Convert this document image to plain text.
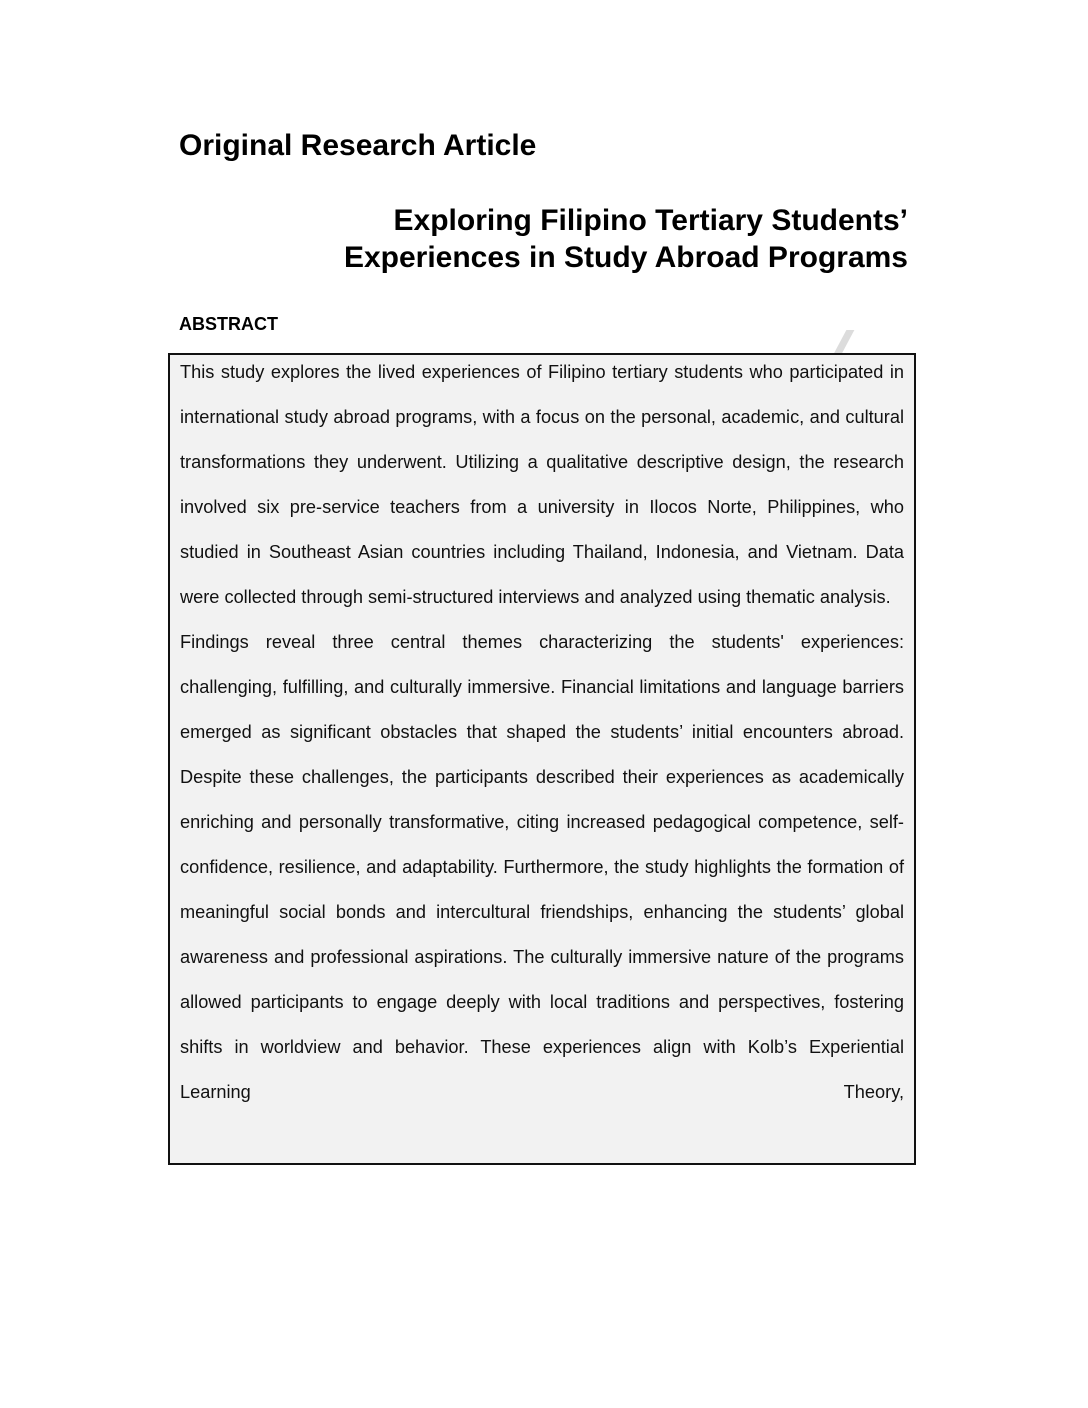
Original Research Article
Exploring Filipino Tertiary Students’
Experiences in Study Abroad Programs
ABSTRACT

This study explores the lived experiences of Filipino tertiary students who participated in international study abroad programs, with a focus on the personal, academic, and cultural transformations they underwent. Utilizing a qualitative descriptive design, the research involved six pre-service teachers from a university in Ilocos Norte, Philippines, who studied in Southeast Asian countries including Thailand, Indonesia, and Vietnam. Data were collected through semi-structured interviews and analyzed using thematic analysis.

Findings reveal three central themes characterizing the students' experiences: challenging, fulfilling, and culturally immersive. Financial limitations and language barriers emerged as significant obstacles that shaped the students’ initial encounters abroad. Despite these challenges, the participants described their experiences as academically enriching and personally transformative, citing increased pedagogical competence, self-confidence, resilience, and adaptability. Furthermore, the study highlights the formation of meaningful social bonds and intercultural friendships, enhancing the students’ global awareness and professional aspirations. The culturally immersive nature of the programs allowed participants to engage deeply with local traditions and perspectives, fostering shifts in worldview and behavior. These experiences align with Kolb’s Experiential Learning Theory,
